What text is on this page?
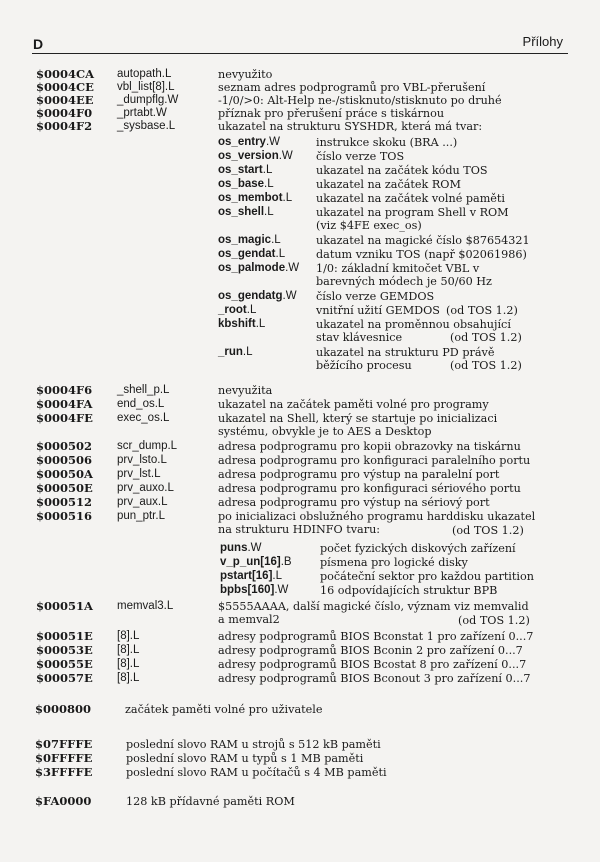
D	Přílohy
$0004CA autopath.L	nevyužito
$0004CE vbl_list[8].L	seznam adres podprogramů pro VBL-přerušení
$0004EE _dumpflg.W	-1/0/>0: Alt-Help ne-/stisknuto/stisknuto po druhé
$0004F0 _prtabt.W	příznak pro přerušení práce s tiskárnou
$0004F2 _sysbase.L	ukazatel na strukturu SYSHDR, která má tvar:
os_entry.W	instrukce skoku (BRA ...)
os_version.W číslo verze TOS
os_start.L	ukazatel na začátek kódu TOS
os_base.L	ukazatel na začátek ROM
os_membot.L ukazatel na začátek volné paměti
os_shell.L	ukazatel na program Shell v ROM
(viz $4FE exec_os)
os_magic.L	ukazatel na magické číslo $87654321
os_gendat.L	datum vzniku TOS (např $02061986)
os_palmode.W 1/0: základní kmitočet VBL v
barevných módech je 50/60 Hz
os_gendatg.W číslo verze GEMDOS
_root.L	vnitřní užití GEMDOS (od TOS 1.2)
kbshift.L	ukazatel na proměnnou obsahující
stav klávesnice	(od TOS 1.2)
_run.L	ukazatel na strukturu PD právě
běžícího procesu	(od TOS 1.2)
$0004F6 _shell_p.L	nevyužita
$0004FA end_os.L	ukazatel na začátek paměti volné pro programy
$0004FE exec_os.L	ukazatel na Shell, který se startuje po inicializaci
systému, obvykle je to AES a Desktop
$000502 scr_dump.L	adresa podprogramu pro kopii obrazovky na tiskárnu
$000506 prv_lsto.L	adresa podprogramu pro konfiguraci paralelního portu
$00050A prv_lst.L	adresa podprogramu pro výstup na paralelní port
$00050E prv_auxo.L	adresa podprogramu pro konfiguraci sériového portu
$000512 prv_aux.L	adresa podprogramu pro výstup na sériový port
$000516 pun_ptr.L	po inicializaci obslužného programu harddisku ukazatel
na strukturu HDINFO tvaru:	(od TOS 1.2)
puns.W	počet fyzických diskových zařízení
v_p_un[16].B	písmena pro logické disky
pstart[16].L	počáteční sektor pro každou partition
bpbs[160].W	16 odpovídajících struktur BPB
$00051A memval3.L	$5555AAAA, další magické číslo, význam viz memvalid
a memval2	(od TOS 1.2)
$00051E [8].L	adresy podprogramů BIOS Bconstat 1 pro zařízení 0...7
$00053E [8].L	adresy podprogramů BIOS Bconin 2 pro zařízení 0...7
$00055E [8].L	adresy podprogramů BIOS Bcostat 8 pro zařízení 0...7
$00057E [8].L	adresy podprogramů BIOS Bconout 3 pro zařízení 0...7
$000800	začátek paměti volné pro uživatele
$07FFFE	poslední slovo RAM u strojů s 512 kB paměti
$0FFFFE	poslední slovo RAM u typů s 1 MB paměti
$3FFFFE	poslední slovo RAM u počítačů s 4 MB paměti
$FA0000	128 kB přídavné paměti ROM
